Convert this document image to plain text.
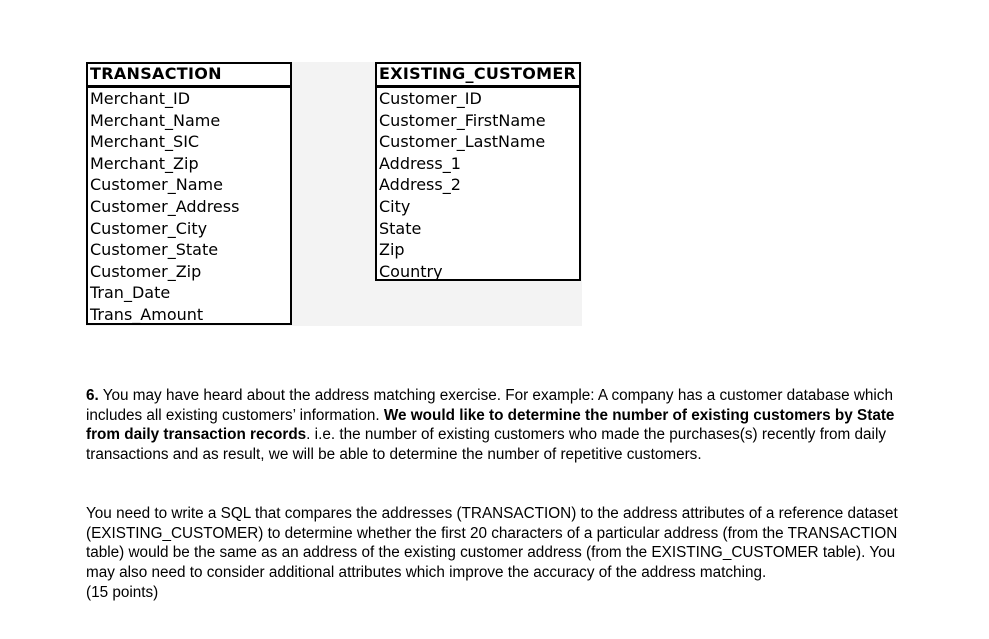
TRANSACTION
Merchant_ID
Merchant_Name
Merchant_SIC
Merchant_Zip
Customer_Name
Customer_Address
Customer_City
Customer_State
Customer_Zip
Tran_Date
Trans_Amount
EXISTING_CUSTOMER
Customer_ID
Customer_FirstName
Customer_LastName
Address_1
Address_2
City
State
Zip
Country
6. You may have heard about the address matching exercise. For example: A company has a customer database which includes all existing customers’ information. We would like to determine the number of existing customers by State from daily transaction records. i.e. the number of existing customers who made the purchases(s) recently from daily transactions and as result, we will be able to determine the number of repetitive customers.
You need to write a SQL that compares the addresses (TRANSACTION) to the address attributes of a reference dataset (EXISTING_CUSTOMER) to determine whether the first 20 characters of a particular address (from the TRANSACTION table) would be the same as an address of the existing customer address (from the EXISTING_CUSTOMER table). You may also need to consider additional attributes which improve the accuracy of the address matching.
(15 points)
